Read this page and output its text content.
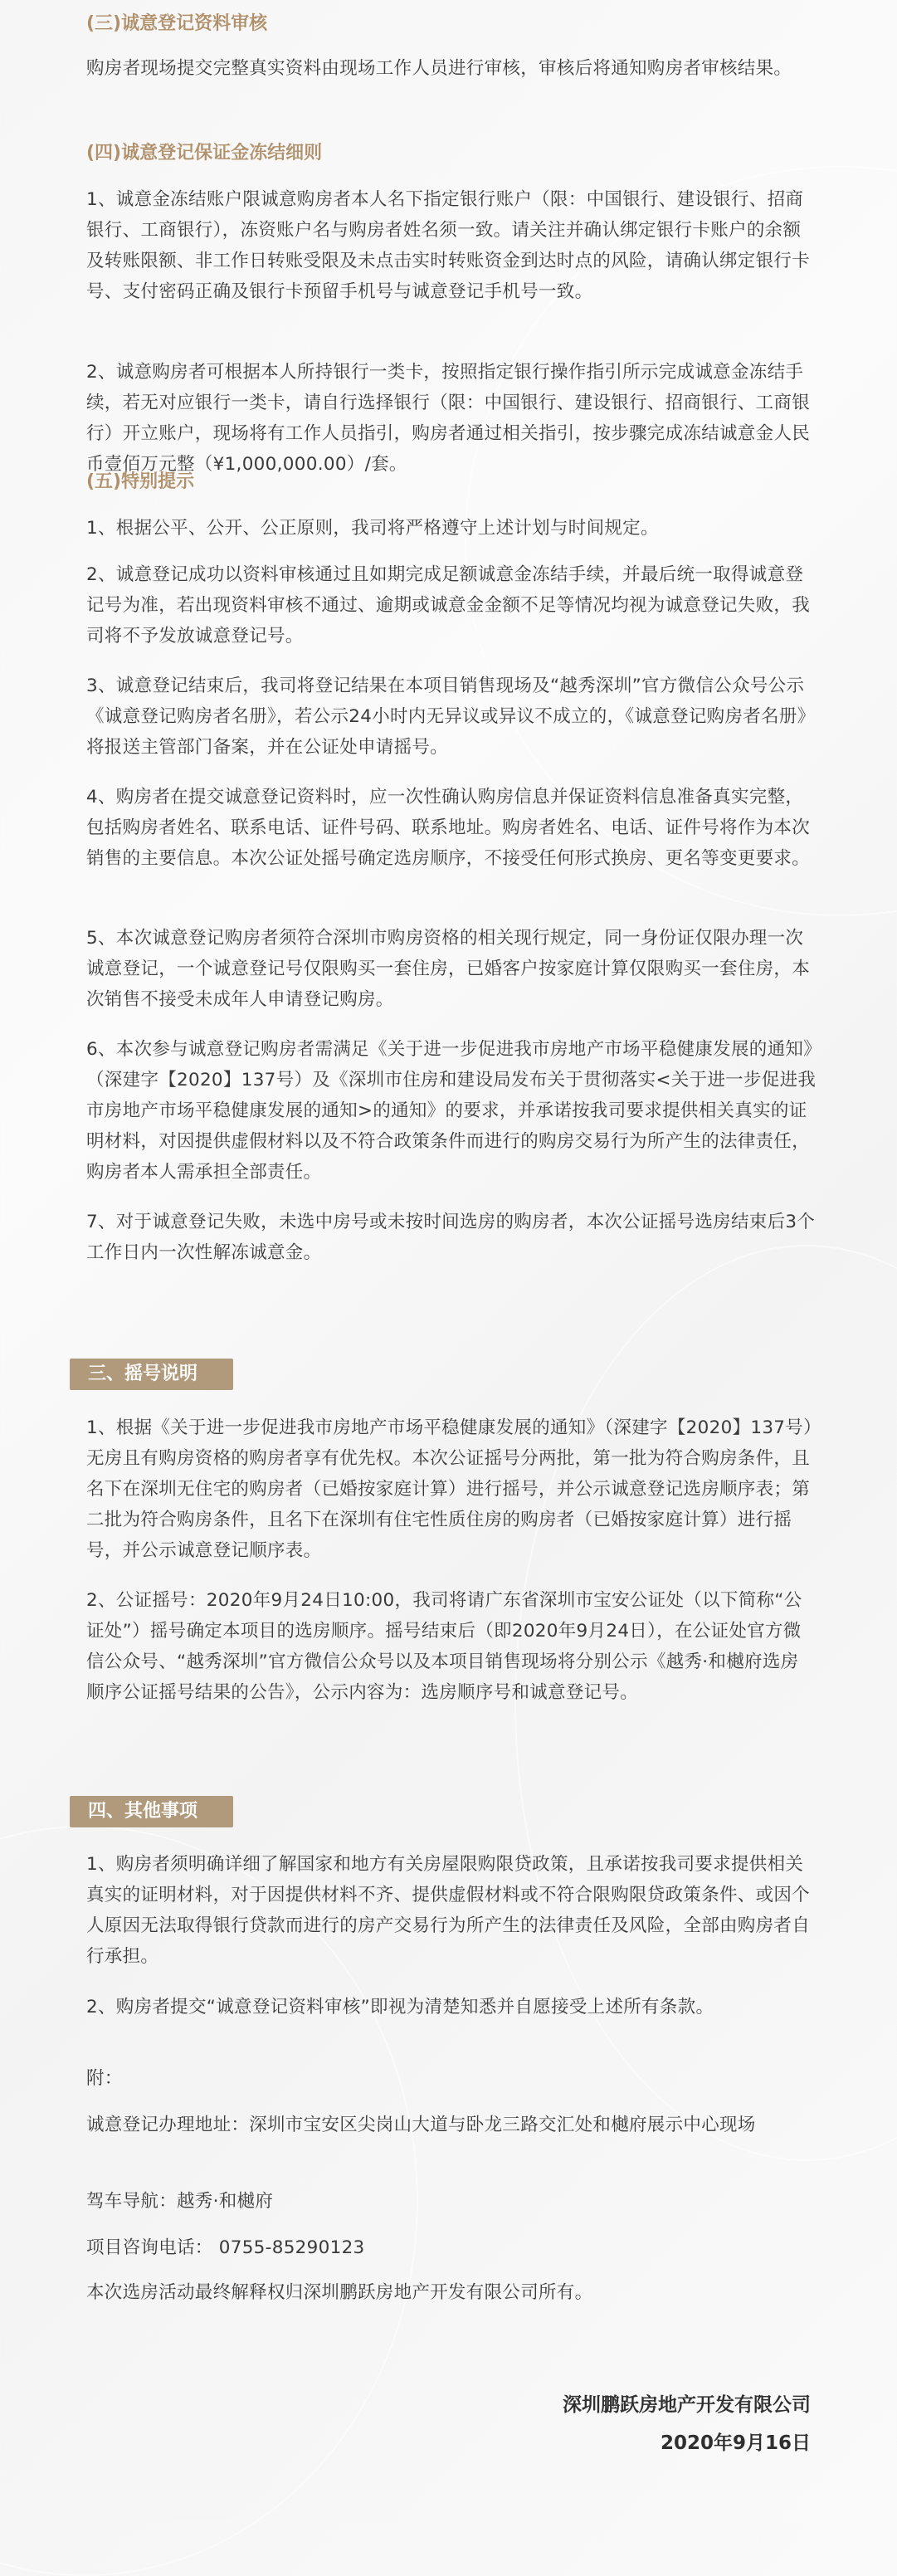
(三)诚意登记资料审核

购房者现场提交完整真实资料由现场工作人员进行审核，审核后将通知购房者审核结果。

(四)诚意登记保证金冻结细则

1、诚意金冻结账户限诚意购房者本人名下指定银行账户（限：中国银行、建设银行、招商银行、工商银行），冻资账户名与购房者姓名须一致。请关注并确认绑定银行卡账户的余额及转账限额、非工作日转账受限及未点击实时转账资金到达时点的风险，请确认绑定银行卡号、支付密码正确及银行卡预留手机号与诚意登记手机号一致。

2、诚意购房者可根据本人所持银行一类卡，按照指定银行操作指引所示完成诚意金冻结手续，若无对应银行一类卡，请自行选择银行（限：中国银行、建设银行、招商银行、工商银行）开立账户，现场将有工作人员指引，购房者通过相关指引，按步骤完成冻结诚意金人民币壹佰万元整（¥1,000,000.00）/套。

(五)特别提示

1、根据公平、公开、公正原则，我司将严格遵守上述计划与时间规定。

2、诚意登记成功以资料审核通过且如期完成足额诚意金冻结手续，并最后统一取得诚意登记号为准，若出现资料审核不通过、逾期或诚意金金额不足等情况均视为诚意登记失败，我司将不予发放诚意登记号。

3、诚意登记结束后，我司将登记结果在本项目销售现场及“越秀深圳”官方微信公众号公示《诚意登记购房者名册》，若公示24小时内无异议或异议不成立的，《诚意登记购房者名册》将报送主管部门备案，并在公证处申请摇号。

4、购房者在提交诚意登记资料时，应一次性确认购房信息并保证资料信息准备真实完整，包括购房者姓名、联系电话、证件号码、联系地址。购房者姓名、电话、证件号将作为本次销售的主要信息。本次公证处摇号确定选房顺序，不接受任何形式换房、更名等变更要求。

5、本次诚意登记购房者须符合深圳市购房资格的相关现行规定，同一身份证仅限办理一次诚意登记，一个诚意登记号仅限购买一套住房，已婚客户按家庭计算仅限购买一套住房，本次销售不接受未成年人申请登记购房。

6、本次参与诚意登记购房者需满足《关于进一步促进我市房地产市场平稳健康发展的通知》（深建字【2020】137号）及《深圳市住房和建设局发布关于贯彻落实<关于进一步促进我市房地产市场平稳健康发展的通知>的通知》的要求，并承诺按我司要求提供相关真实的证明材料，对因提供虚假材料以及不符合政策条件而进行的购房交易行为所产生的法律责任，购房者本人需承担全部责任。

7、对于诚意登记失败，未选中房号或未按时间选房的购房者，本次公证摇号选房结束后3个工作日内一次性解冻诚意金。

三、摇号说明

1、根据《关于进一步促进我市房地产市场平稳健康发展的通知》（深建字【2020】137号）无房且有购房资格的购房者享有优先权。本次公证摇号分两批，第一批为符合购房条件，且名下在深圳无住宅的购房者（已婚按家庭计算）进行摇号，并公示诚意登记选房顺序表；第二批为符合购房条件，且名下在深圳有住宅性质住房的购房者（已婚按家庭计算）进行摇号，并公示诚意登记顺序表。

2、公证摇号：2020年9月24日10:00，我司将请广东省深圳市宝安公证处（以下简称“公证处”）摇号确定本项目的选房顺序。摇号结束后（即2020年9月24日），在公证处官方微信公众号、“越秀深圳”官方微信公众号以及本项目销售现场将分别公示《越秀·和樾府选房顺序公证摇号结果的公告》，公示内容为：选房顺序号和诚意登记号。

四、其他事项

1、购房者须明确详细了解国家和地方有关房屋限购限贷政策，且承诺按我司要求提供相关真实的证明材料，对于因提供材料不齐、提供虚假材料或不符合限购限贷政策条件、或因个人原因无法取得银行贷款而进行的房产交易行为所产生的法律责任及风险，全部由购房者自行承担。

2、购房者提交“诚意登记资料审核”即视为清楚知悉并自愿接受上述所有条款。

附：

诚意登记办理地址：深圳市宝安区尖岗山大道与卧龙三路交汇处和樾府展示中心现场

驾车导航：越秀·和樾府

项目咨询电话： 0755-85290123

本次选房活动最终解释权归深圳鹏跃房地产开发有限公司所有。

深圳鹏跃房地产开发有限公司
2020年9月16日
